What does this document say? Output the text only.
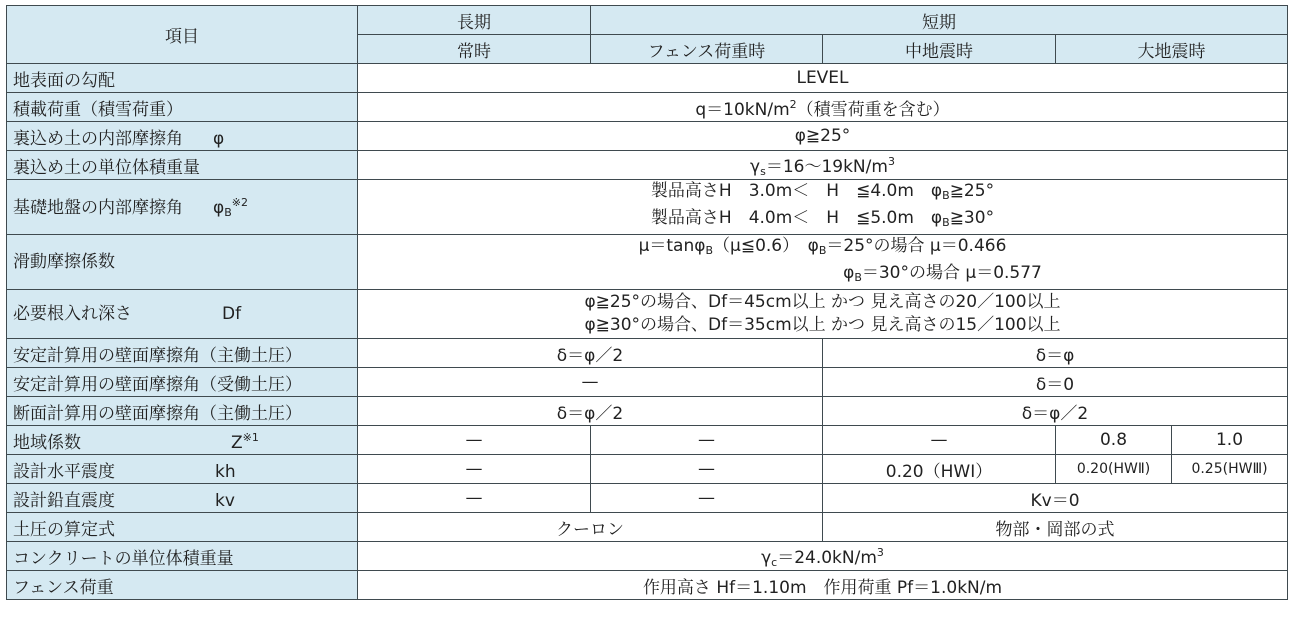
項目	長期	短期			
	常時	フェンス荷重時	中地震時	大地震時	
地表面の勾配	LEVEL				
積載荷重（積雪荷重）	$q=10kN/m^2$（積雪荷重を含む）				
裏込め土の内部摩擦角 φ	φ≧25°				
裏込め土の単位体積重量	$\gamma_s=16$〜$19kN/m^3$
基礎地盤の内部摩擦角 $\varphi_B^{※2}$	製品高さH　3.0m＜　H　≦4.0m　$\varphi_B≧25^\circ$
製品高さH　4.0m＜　H　≦5.0m　$\varphi_B≧30^\circ$				

滑動摩擦係数	μ＝tanφ$_B$（μ≦0.6）　$\varphi_B=25^\circ$の場合 μ＝0.466
$\varphi_B=30^\circ$の場合 μ＝0.577				

必要根入れ深さ Df	φ≧25°の場合、Df＝45cm以上 かつ 見え高さの20／100以上
φ≧30°の場合、Df＝35cm以上 かつ 見え高さの15／100以上				

安定計算用の壁面摩擦角（主働土圧）	δ＝φ／2		δ＝φ		
安定計算用の壁面摩擦角（受働土圧）	—		δ＝0		
断面計算用の壁面摩擦角（主働土圧）	δ＝φ／2		δ＝φ／2		
地域係数 $Z^{※1}$	—	—	—	0.8	1.0
設計水平震度 kh	—	—	0.20（HWⅠ）	0.20(HWⅡ)	0.25(HWⅢ)
設計鉛直震度 kv	—	—	Kv＝0		
土圧の算定式	クーロン		物部・岡部の式		
コンクリートの単位体積重量	$\gamma_c=24.0kN/m^3$
フェンス荷重	作用高さ Hf＝1.10m　作用荷重 Pf＝1.0kN/m				
